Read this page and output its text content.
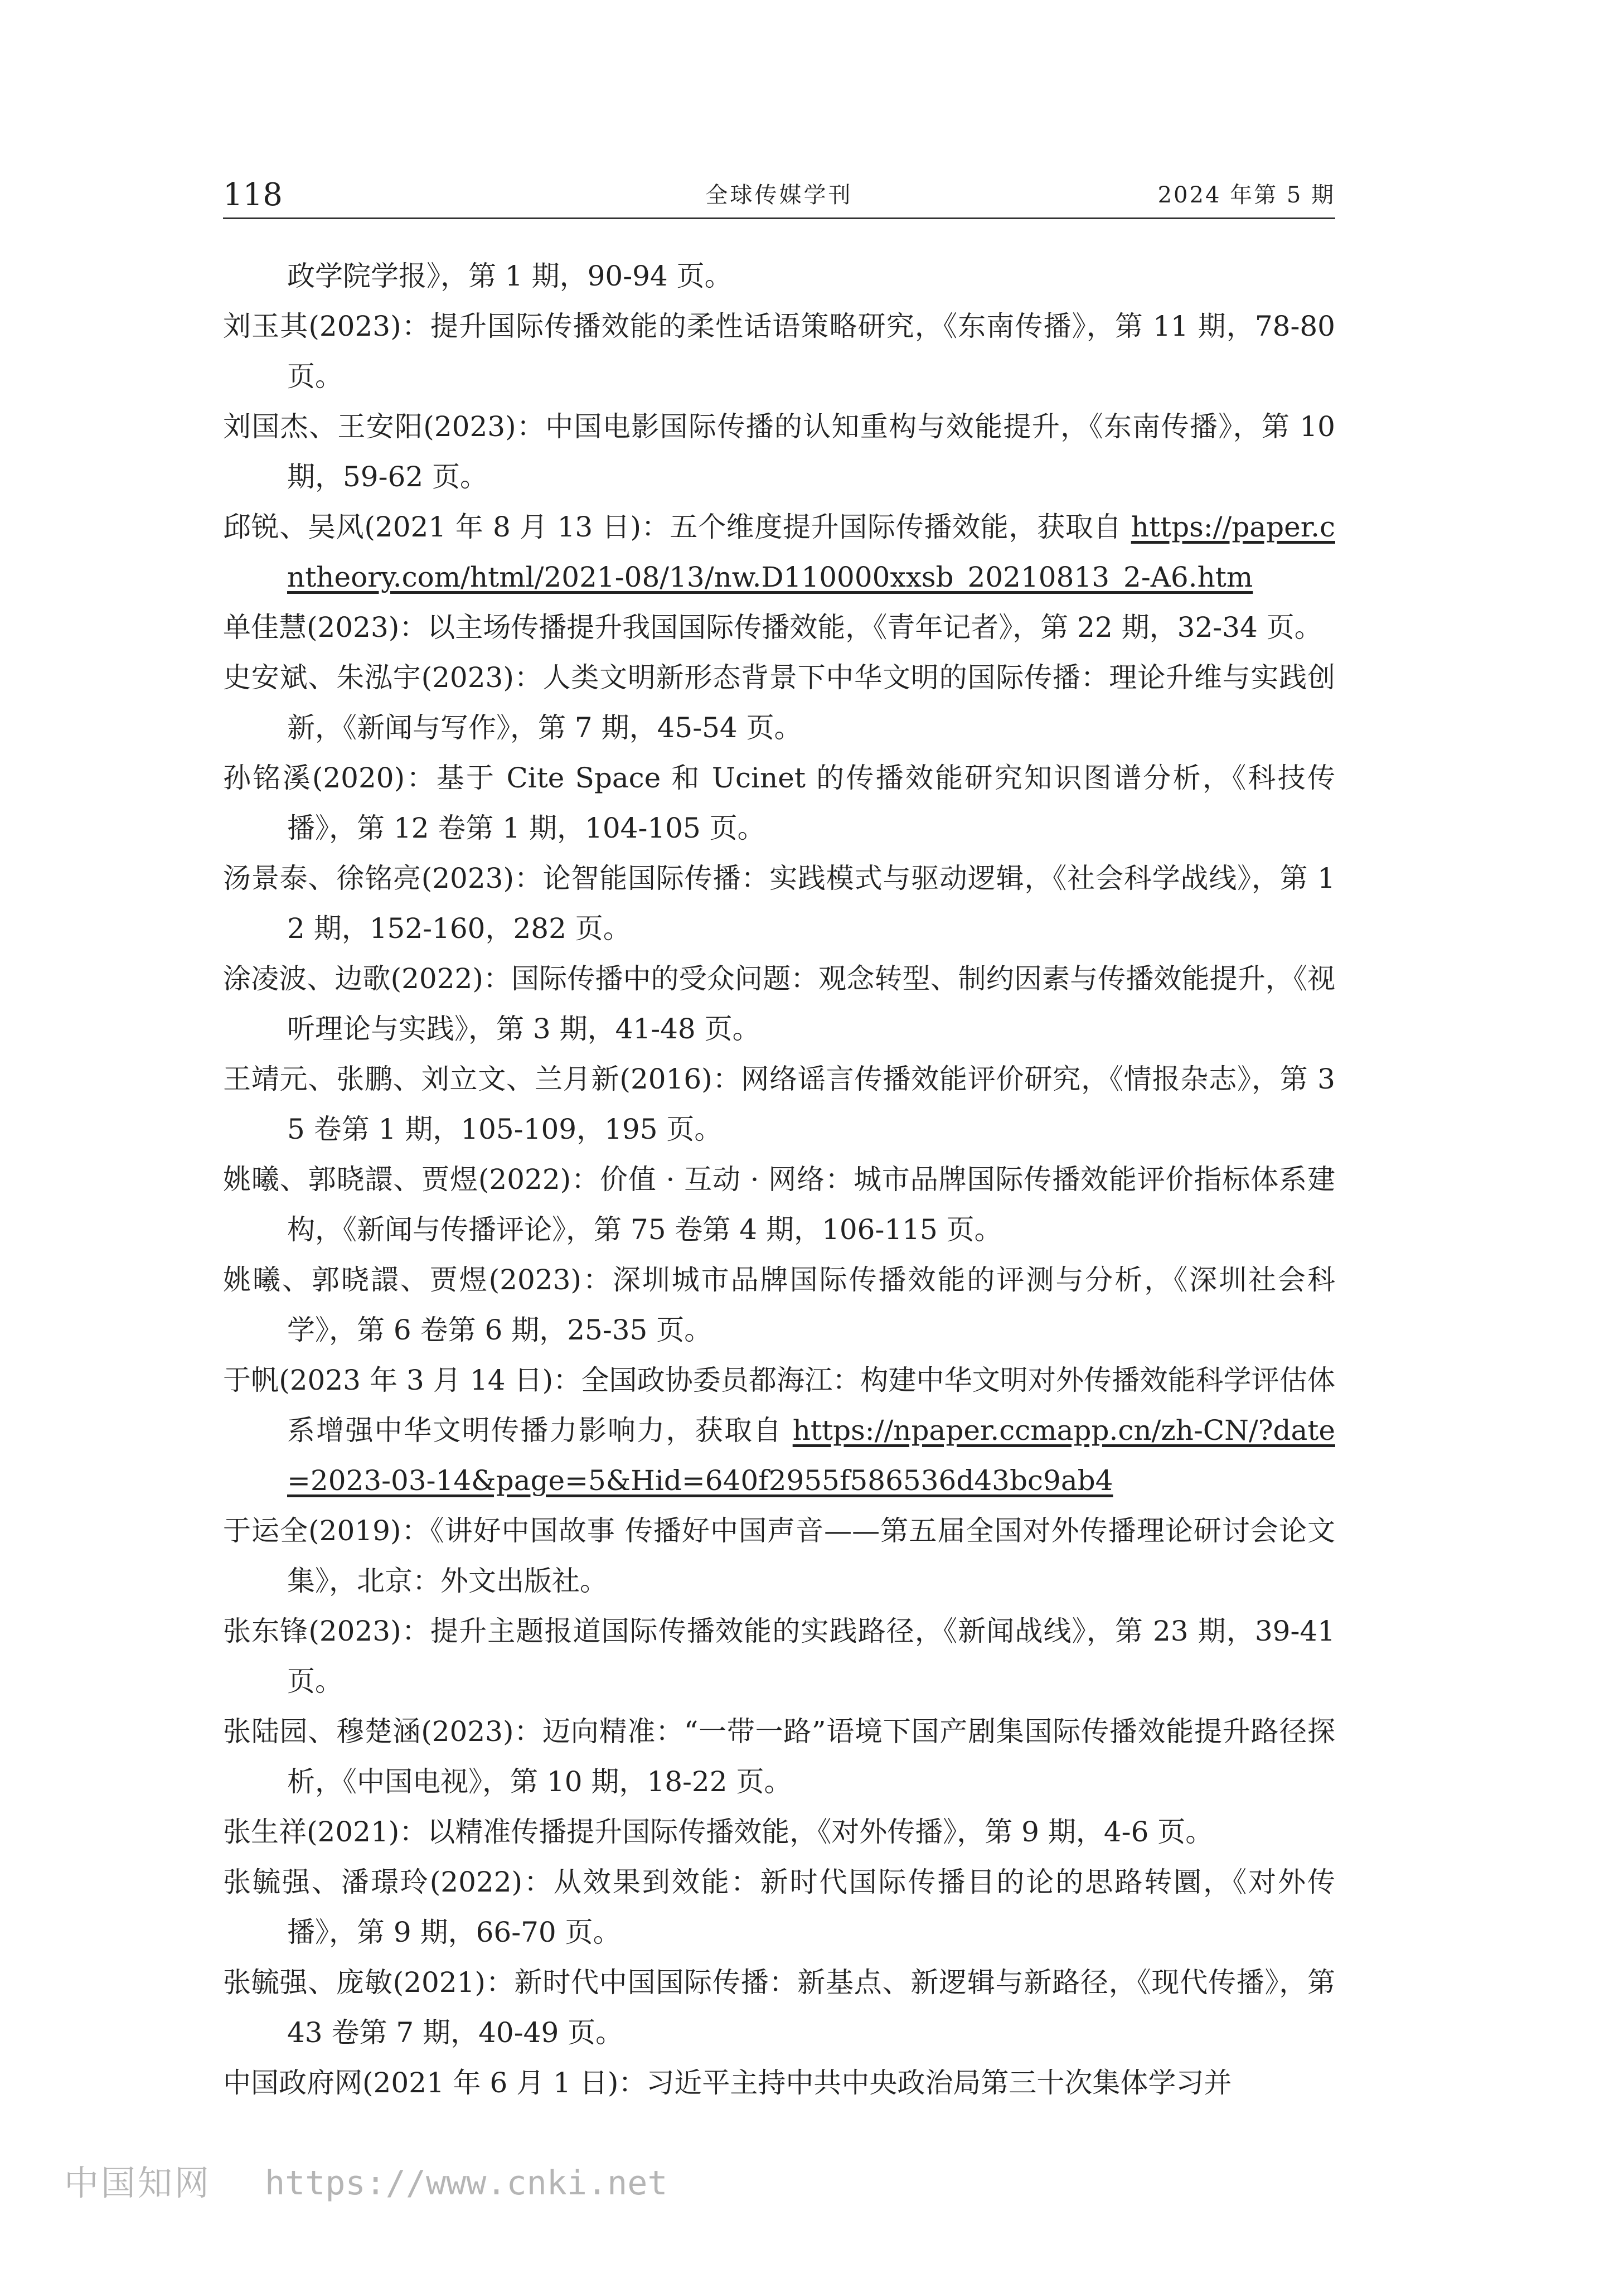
118	全球传媒学刊	2024 年第 5 期
政学院学报》，第 1 期，90-94 页。
刘玉其(2023)：提升国际传播效能的柔性话语策略研究，《东南传播》，第 11 期，78-80 页。
刘国杰、王安阳(2023)：中国电影国际传播的认知重构与效能提升，《东南传播》，第 10 期，59-62 页。
邱锐、吴风(2021 年 8 月 13 日)：五个维度提升国际传播效能，获取自 https://paper.cntheory.com/html/2021-08/13/nw.D110000xxsb_20210813_2-A6.htm
单佳慧(2023)：以主场传播提升我国国际传播效能，《青年记者》，第 22 期，32-34 页。
史安斌、朱泓宇(2023)：人类文明新形态背景下中华文明的国际传播：理论升维与实践创新，《新闻与写作》，第 7 期，45-54 页。
孙铭溪(2020)：基于 Cite Space 和 Ucinet 的传播效能研究知识图谱分析，《科技传播》，第 12 卷第 1 期，104-105 页。
汤景泰、徐铭亮(2023)：论智能国际传播：实践模式与驱动逻辑，《社会科学战线》，第 12 期，152-160，282 页。
涂凌波、边歌(2022)：国际传播中的受众问题：观念转型、制约因素与传播效能提升，《视听理论与实践》，第 3 期，41-48 页。
王靖元、张鹏、刘立文、兰月新(2016)：网络谣言传播效能评价研究，《情报杂志》，第 35 卷第 1 期，105-109，195 页。
姚曦、郭晓譞、贾煜(2022)：价值 · 互动 · 网络：城市品牌国际传播效能评价指标体系建构，《新闻与传播评论》，第 75 卷第 4 期，106-115 页。
姚曦、郭晓譞、贾煜(2023)：深圳城市品牌国际传播效能的评测与分析，《深圳社会科学》，第 6 卷第 6 期，25-35 页。
于帆(2023 年 3 月 14 日)：全国政协委员都海江：构建中华文明对外传播效能科学评估体系增强中华文明传播力影响力，获取自 https://npaper.ccmapp.cn/zh-CN/?date=2023-03-14&page=5&Hid=640f2955f586536d43bc9ab4
于运全(2019)：《讲好中国故事 传播好中国声音——第五届全国对外传播理论研讨会论文集》，北京：外文出版社。
张东锋(2023)：提升主题报道国际传播效能的实践路径，《新闻战线》，第 23 期，39-41 页。
张陆园、穆楚涵(2023)：迈向精准：“一带一路”语境下国产剧集国际传播效能提升路径探析，《中国电视》，第 10 期，18-22 页。
张生祥(2021)：以精准传播提升国际传播效能，《对外传播》，第 9 期，4-6 页。
张毓强、潘璟玲(2022)：从效果到效能：新时代国际传播目的论的思路转圜，《对外传播》，第 9 期，66-70 页。
张毓强、庞敏(2021)：新时代中国国际传播：新基点、新逻辑与新路径，《现代传播》，第 43 卷第 7 期，40-49 页。
中国政府网(2021 年 6 月 1 日)：习近平主持中共中央政治局第三十次集体学习并
中国知网 https://www.cnki.net
